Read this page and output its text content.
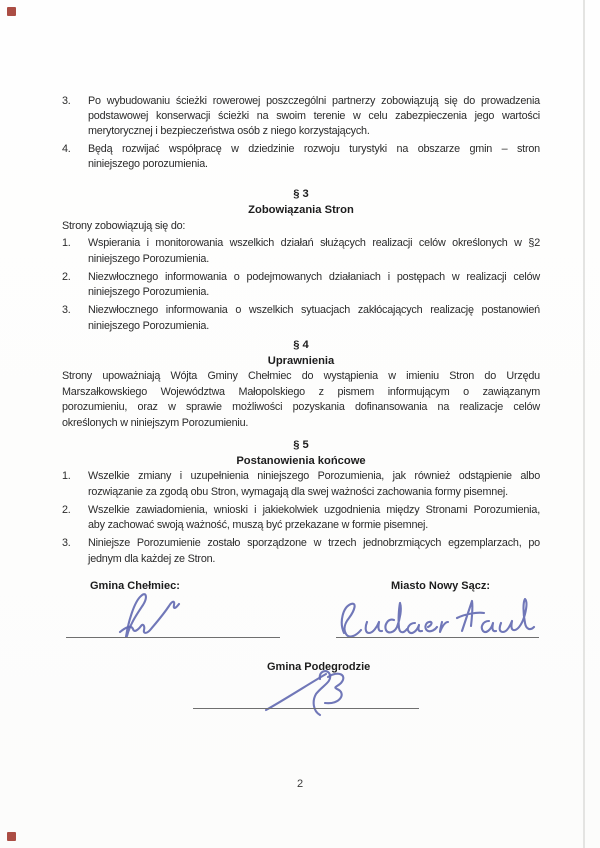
3.	Po wybudowaniu ścieżki rowerowej poszczególni partnerzy zobowiązują się do prowadzenia
podstawowej konserwacji ścieżki na swoim terenie w celu zabezpieczenia jego wartości
merytorycznej i bezpieczeństwa osób z niego korzystających.
4.	Będą rozwijać współpracę w dziedzinie rozwoju turystyki na obszarze gmin – stron
niniejszego porozumienia.
§ 3
Zobowiązania Stron
Strony zobowiązują się do:
1.	Wspierania i monitorowania wszelkich działań służących realizacji celów określonych w §2
niniejszego Porozumienia.
2.	Niezwłocznego informowania o podejmowanych działaniach i postępach w realizacji celów
niniejszego Porozumienia.
3.	Niezwłocznego informowania o wszelkich sytuacjach zakłócających realizację postanowień
niniejszego Porozumienia.
§ 4
Uprawnienia
Strony upoważniają Wójta Gminy Chełmiec do wystąpienia w imieniu Stron do Urzędu
Marszałkowskiego Województwa Małopolskiego z pismem informującym o zawiązanym
porozumieniu, oraz w sprawie możliwości pozyskania dofinansowania na realizacje celów
określonych w niniejszym Porozumieniu.
§ 5
Postanowienia końcowe
1.	Wszelkie zmiany i uzupełnienia niniejszego Porozumienia, jak również odstąpienie albo
rozwiązanie za zgodą obu Stron, wymagają dla swej ważności zachowania formy pisemnej.
2.	Wszelkie zawiadomienia, wnioski i jakiekolwiek uzgodnienia między Stronami Porozumienia,
aby zachować swoją ważność, muszą być przekazane w formie pisemnej.
3.	Niniejsze Porozumienie zostało sporządzone w trzech jednobrzmiących egzemplarzach, po
jednym dla każdej ze Stron.
Gmina Chełmiec:	Miasto Nowy Sącz:
Gmina Podegrodzie
2
